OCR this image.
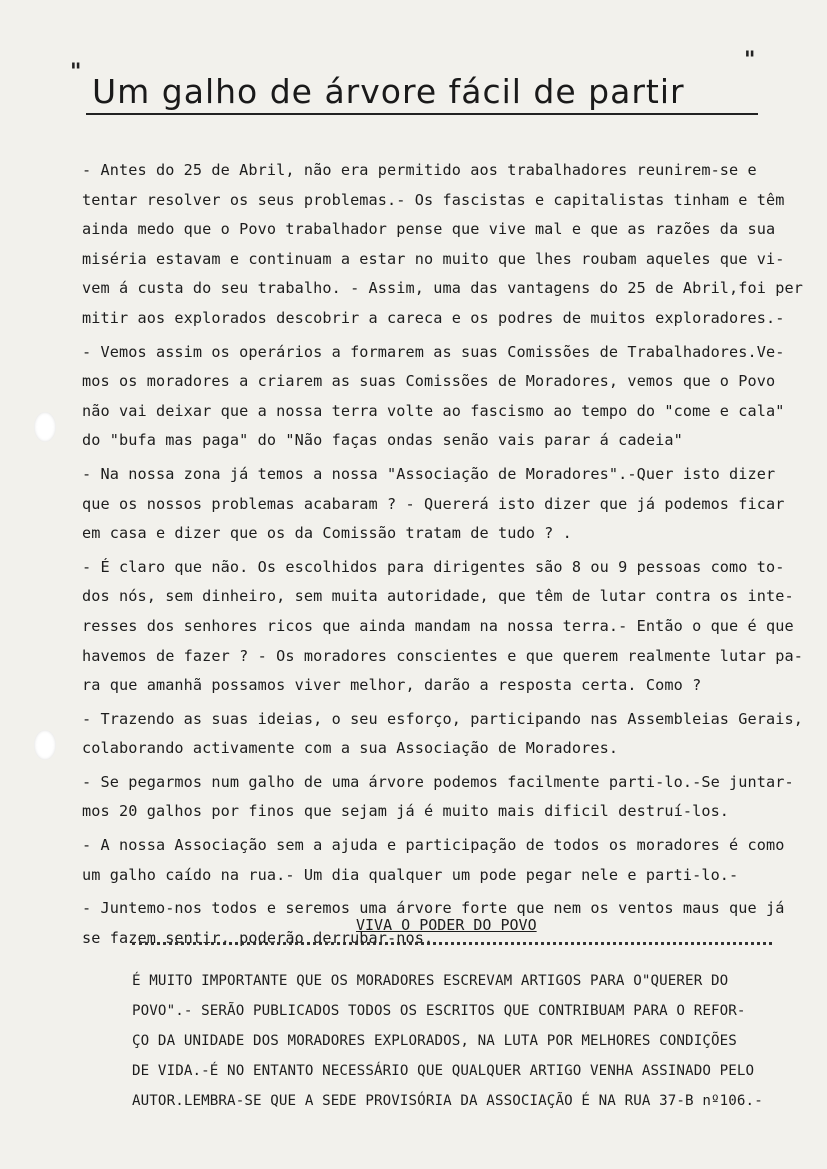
"	"
Um galho de árvore fácil de partir
- Antes do 25 de Abril, não era permitido aos trabalhadores reunirem-se e
tentar resolver os seus problemas.- Os fascistas e capitalistas tinham e têm
ainda medo que o Povo trabalhador pense que vive mal e que as razões da sua
miséria estavam e continuam a estar no muito que lhes roubam aqueles que vi-
vem á custa do seu trabalho. - Assim, uma das vantagens do 25 de Abril,foi per
mitir aos explorados descobrir a careca e os podres de muitos exploradores.-
- Vemos assim os operários a formarem as suas Comissões de Trabalhadores.Ve-
mos os moradores a criarem as suas Comissões de Moradores, vemos que o Povo
não vai deixar que a nossa terra volte ao fascismo ao tempo do "come e cala"
do "bufa mas paga" do "Não faças ondas senão vais parar á cadeia"
- Na nossa zona já temos a nossa "Associação de Moradores".-Quer isto dizer
que os nossos problemas acabaram ? - Quererá isto dizer que já podemos ficar
em casa e dizer que os da Comissão tratam de tudo ? .
- É claro que não. Os escolhidos para dirigentes são 8 ou 9 pessoas como to-
dos nós, sem dinheiro, sem muita autoridade, que têm de lutar contra os inte-
resses dos senhores ricos que ainda mandam na nossa terra.- Então o que é que
havemos de fazer ? - Os moradores conscientes e que querem realmente lutar pa-
ra que amanhã possamos viver melhor, darão a resposta certa. Como ?
- Trazendo as suas ideias, o seu esforço, participando nas Assembleias Gerais,
colaborando activamente com a sua Associação de Moradores.
- Se pegarmos num galho de uma árvore podemos facilmente parti-lo.-Se juntar-
mos 20 galhos por finos que sejam já é muito mais dificil destruí-los.
- A nossa Associação sem a ajuda e participação de todos os moradores é como
um galho caído na rua.- Um dia qualquer um pode pegar nele e parti-lo.-
- Juntemo-nos todos e seremos uma árvore forte que nem os ventos maus que já
se fazem sentir, poderão derrubar-nos.
VIVA O PODER DO POVO
É MUITO IMPORTANTE QUE OS MORADORES ESCREVAM ARTIGOS PARA O"QUERER DO
POVO".- SERÃO PUBLICADOS TODOS OS ESCRITOS QUE CONTRIBUAM PARA O REFOR-
ÇO DA UNIDADE DOS MORADORES EXPLORADOS, NA LUTA POR MELHORES CONDIÇÕES
DE VIDA.-É NO ENTANTO NECESSÁRIO QUE QUALQUER ARTIGO VENHA ASSINADO PELO
AUTOR.LEMBRA-SE QUE A SEDE PROVISÓRIA DA ASSOCIAÇÃO É NA RUA 37-B nº106.-
